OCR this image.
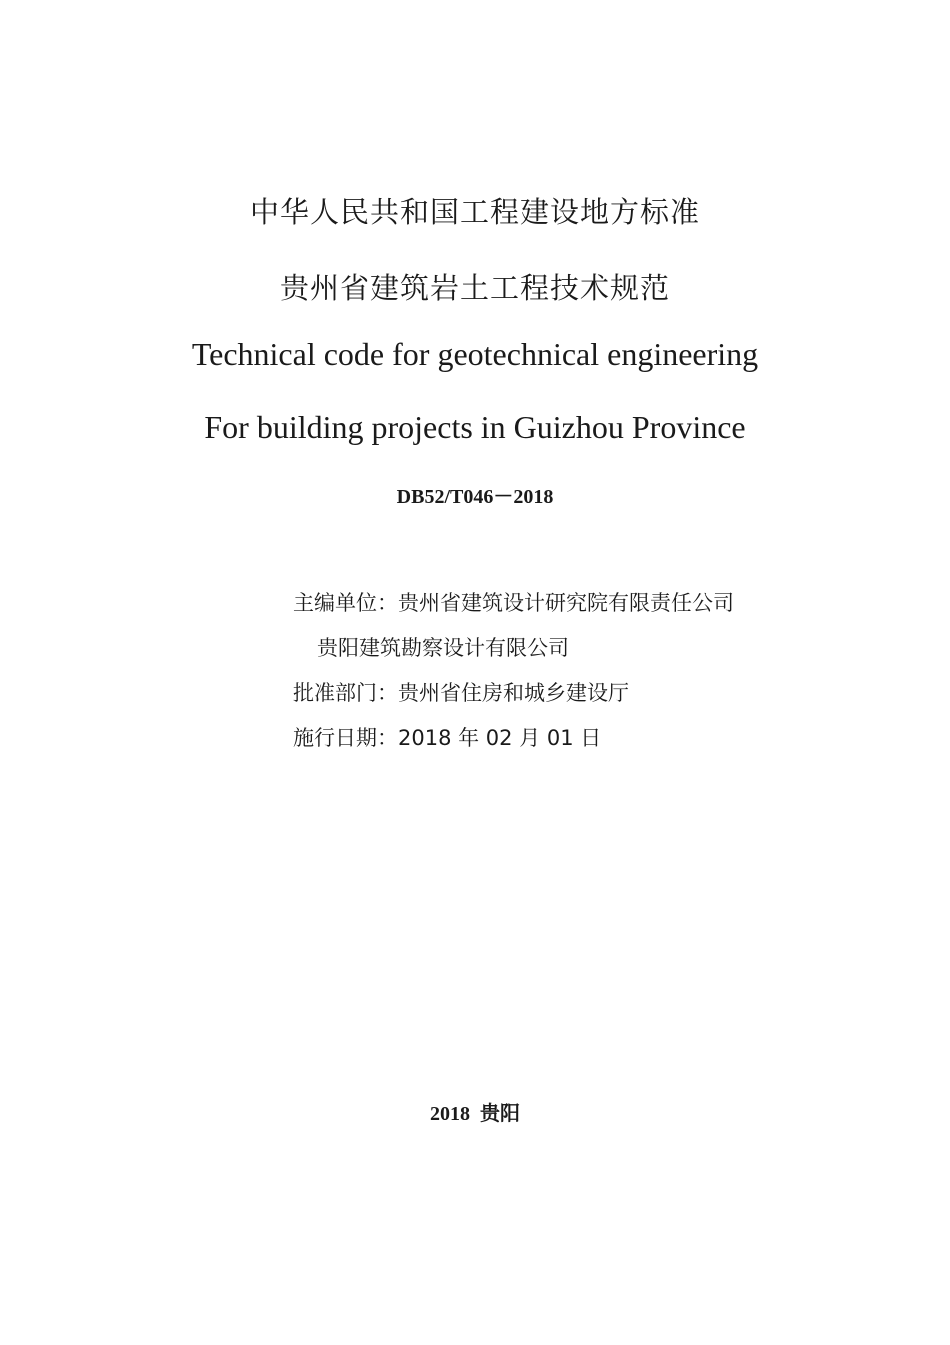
中华人民共和国工程建设地方标准
贵州省建筑岩土工程技术规范
Technical code for geotechnical engineering
For building projects in Guizhou Province
DB52/T046－2018
主编单位：贵州省建筑设计研究院有限责任公司
贵阳建筑勘察设计有限公司
批准部门：贵州省住房和城乡建设厅
施行日期：2018 年 02 月 01 日
2018  贵阳
